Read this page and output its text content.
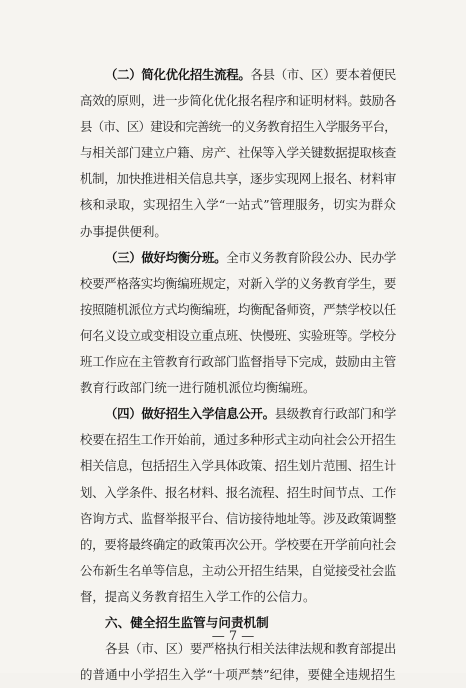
（二）简化优化招生流程。各县（市、区）要本着便民
高效的原则，进一步简化优化报名程序和证明材料。鼓励各
县（市、区）建设和完善统一的义务教育招生入学服务平台，
与相关部门建立户籍、房产、社保等入学关键数据提取核查
机制，加快推进相关信息共享，逐步实现网上报名、材料审
核和录取，实现招生入学“一站式”管理服务，切实为群众
办事提供便利。
（三）做好均衡分班。全市义务教育阶段公办、民办学
校要严格落实均衡编班规定，对新入学的义务教育学生，要
按照随机派位方式均衡编班，均衡配备师资，严禁学校以任
何名义设立或变相设立重点班、快慢班、实验班等。学校分
班工作应在主管教育行政部门监督指导下完成，鼓励由主管
教育行政部门统一进行随机派位均衡编班。
（四）做好招生入学信息公开。县级教育行政部门和学
校要在招生工作开始前，通过多种形式主动向社会公开招生
相关信息，包括招生入学具体政策、招生划片范围、招生计
划、入学条件、报名材料、报名流程、招生时间节点、工作
咨询方式、监督举报平台、信访接待地址等。涉及政策调整
的，要将最终确定的政策再次公开。学校要在开学前向社会
公布新生名单等信息，主动公开招生结果，自觉接受社会监
督，提高义务教育招生入学工作的公信力。
六、健全招生监管与问责机制
各县（市、区）要严格执行相关法律法规和教育部提出
的普通中小学招生入学“十项严禁”纪律，要健全违规招生
— 7 —
